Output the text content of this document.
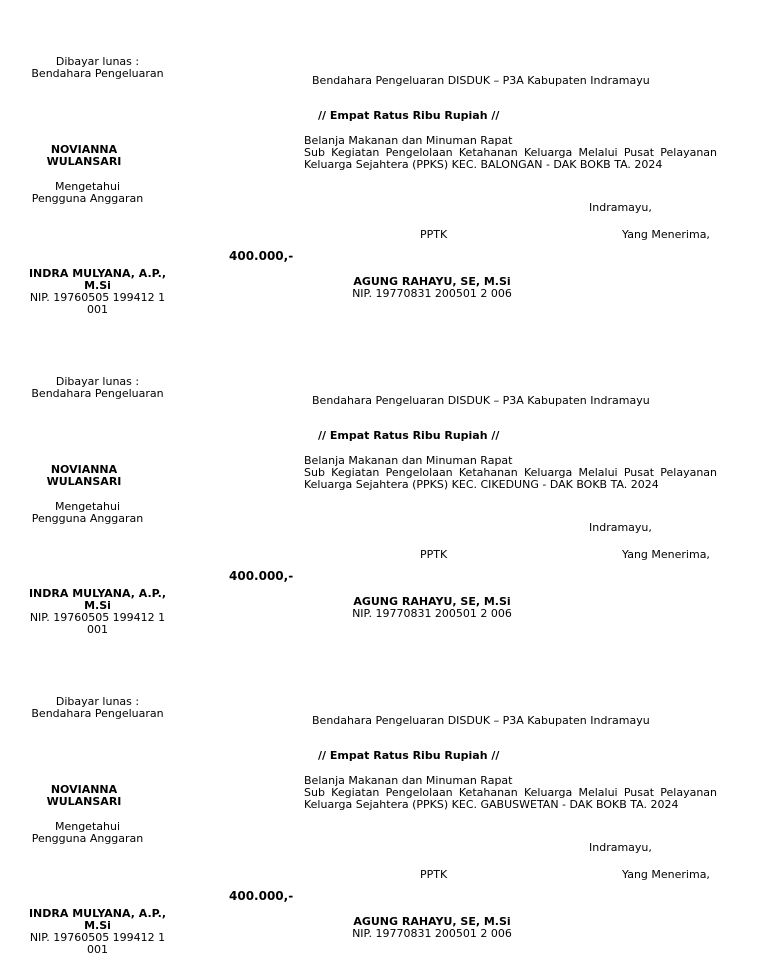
Dibayar lunas :
Bendahara Pengeluaran
NOVIANNA WULANSARI
Mengetahui
Pengguna Anggaran
INDRA MULYANA, A.P., M.Si
NIP. 19760505 199412 1 001
400.000,-
Bendahara Pengeluaran DISDUK – P3A Kabupaten Indramayu
// Empat Ratus Ribu Rupiah //
Belanja Makanan dan Minuman Rapat
Sub Kegiatan Pengelolaan Ketahanan Keluarga Melalui Pusat Pelayanan Keluarga Sejahtera (PPKS) KEC. BALONGAN - DAK BOKB TA. 2024
Indramayu,
PPTK	Yang Menerima,
AGUNG RAHAYU, SE, M.Si
NIP. 19770831 200501 2 006
Dibayar lunas :
Bendahara Pengeluaran
NOVIANNA WULANSARI
Mengetahui
Pengguna Anggaran
INDRA MULYANA, A.P., M.Si
NIP. 19760505 199412 1 001
400.000,-
Bendahara Pengeluaran DISDUK – P3A Kabupaten Indramayu
// Empat Ratus Ribu Rupiah //
Belanja Makanan dan Minuman Rapat
Sub Kegiatan Pengelolaan Ketahanan Keluarga Melalui Pusat Pelayanan Keluarga Sejahtera (PPKS) KEC. CIKEDUNG - DAK BOKB TA. 2024
Indramayu,
PPTK	Yang Menerima,
AGUNG RAHAYU, SE, M.Si
NIP. 19770831 200501 2 006
Dibayar lunas :
Bendahara Pengeluaran
NOVIANNA WULANSARI
Mengetahui
Pengguna Anggaran
INDRA MULYANA, A.P., M.Si
NIP. 19760505 199412 1 001
400.000,-
Bendahara Pengeluaran DISDUK – P3A Kabupaten Indramayu
// Empat Ratus Ribu Rupiah //
Belanja Makanan dan Minuman Rapat
Sub Kegiatan Pengelolaan Ketahanan Keluarga Melalui Pusat Pelayanan Keluarga Sejahtera (PPKS) KEC. GABUSWETAN - DAK BOKB TA. 2024
Indramayu,
PPTK	Yang Menerima,
AGUNG RAHAYU, SE, M.Si
NIP. 19770831 200501 2 006
